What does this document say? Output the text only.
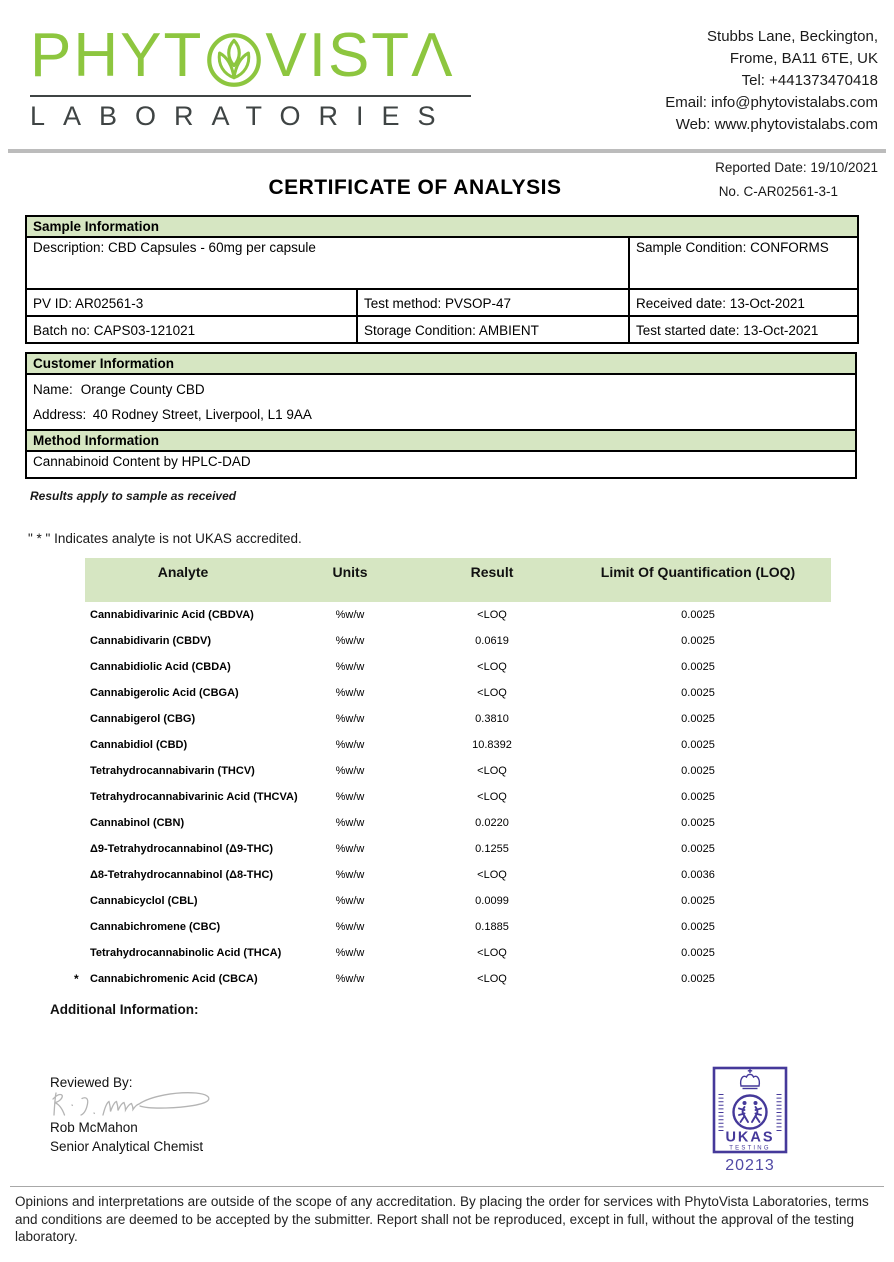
PHYT VIST Λ
LABORATORIES
Stubbs Lane, Beckington,
Frome, BA11 6TE, UK
Tel: +441373470418
Email: info@phytovistalabs.com
Web: www.phytovistalabs.com
Reported Date: 19/10/2021
No. C-AR02561-3-1
CERTIFICATE OF ANALYSIS
Sample Information		
Description: CBD Capsules - 60mg per capsule		Sample Condition: CONFORMS
PV ID: AR02561-3	Test method: PVSOP-47	Received date: 13-Oct-2021
Batch no: CAPS03-121021	Storage Condition: AMBIENT	Test started date: 13-Oct-2021
Customer Information
Name: Orange County CBD
Address: 40 Rodney Street, Liverpool, L1 9AA
Method Information
Cannabinoid Content by HPLC-DAD
Results apply to sample as received
" * " Indicates analyte is not UKAS accredited.
Analyte	Units	Result	Limit Of Quantification (LOQ)
Cannabidivarinic Acid (CBDVA)	%w/w	<LOQ	0.0025
Cannabidivarin (CBDV)	%w/w	0.0619	0.0025
Cannabidiolic Acid (CBDA)	%w/w	<LOQ	0.0025
Cannabigerolic Acid (CBGA)	%w/w	<LOQ	0.0025
Cannabigerol (CBG)	%w/w	0.3810	0.0025
Cannabidiol (CBD)	%w/w	10.8392	0.0025
Tetrahydrocannabivarin (THCV)	%w/w	<LOQ	0.0025
Tetrahydrocannabivarinic Acid (THCVA)	%w/w	<LOQ	0.0025
Cannabinol (CBN)	%w/w	0.0220	0.0025
Δ9-Tetrahydrocannabinol (Δ9-THC)	%w/w	0.1255	0.0025
Δ8-Tetrahydrocannabinol (Δ8-THC)	%w/w	<LOQ	0.0036
Cannabicyclol (CBL)	%w/w	0.0099	0.0025
Cannabichromene (CBC)	%w/w	0.1885	0.0025
Tetrahydrocannabinolic Acid (THCA)	%w/w	<LOQ	0.0025
* Cannabichromenic Acid (CBCA)	%w/w	<LOQ	0.0025
Additional Information:
Reviewed By:
Rob McMahon
Senior Analytical Chemist
UKAS
TESTING
20213
Opinions and interpretations are outside of the scope of any accreditation. By placing the order for services with PhytoVista Laboratories, terms and conditions are deemed to be accepted by the submitter. Report shall not be reproduced, except in full, without the approval of the testing laboratory.
